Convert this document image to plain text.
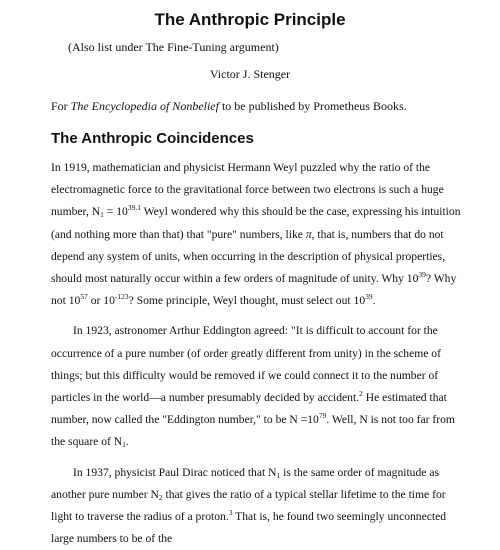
The Anthropic Principle
(Also list under The Fine-Tuning argument)
Victor J. Stenger
For The Encyclopedia of Nonbelief to be published by Prometheus Books.
The Anthropic Coincidences

In 1919, mathematician and physicist Hermann Weyl puzzled why the ratio of the electromagnetic force to the gravitational force between two electrons is such a huge number, $N_1 = 10^{39.1}$ Weyl wondered why this should be the case, expressing his intuition (and nothing more than that) that "pure" numbers, like π, that is, numbers that do not depend any system of units, when occurring in the description of physical properties, should most naturally occur within a few orders of magnitude of unity. Why $10^{39}$? Why not $10^{57}$ or $10^{-123}$? Some principle, Weyl thought, must select out $10^{39}$.

In 1923, astronomer Arthur Eddington agreed: "It is difficult to account for the occurrence of a pure number (of order greatly different from unity) in the scheme of things; but this difficulty would be removed if we could connect it to the number of particles in the world—a number presumably decided by accident.$^2$ He estimated that number, now called the "Eddington number," to be $N =10^{79}$. Well, N is not too far from the square of $N_1$.

In 1937, physicist Paul Dirac noticed that $N_1$ is the same order of magnitude as another pure number $N_2$ that gives the ratio of a typical stellar lifetime to the time for light to traverse the radius of a proton.$^3$ That is, he found two seemingly unconnected large numbers to be of the
